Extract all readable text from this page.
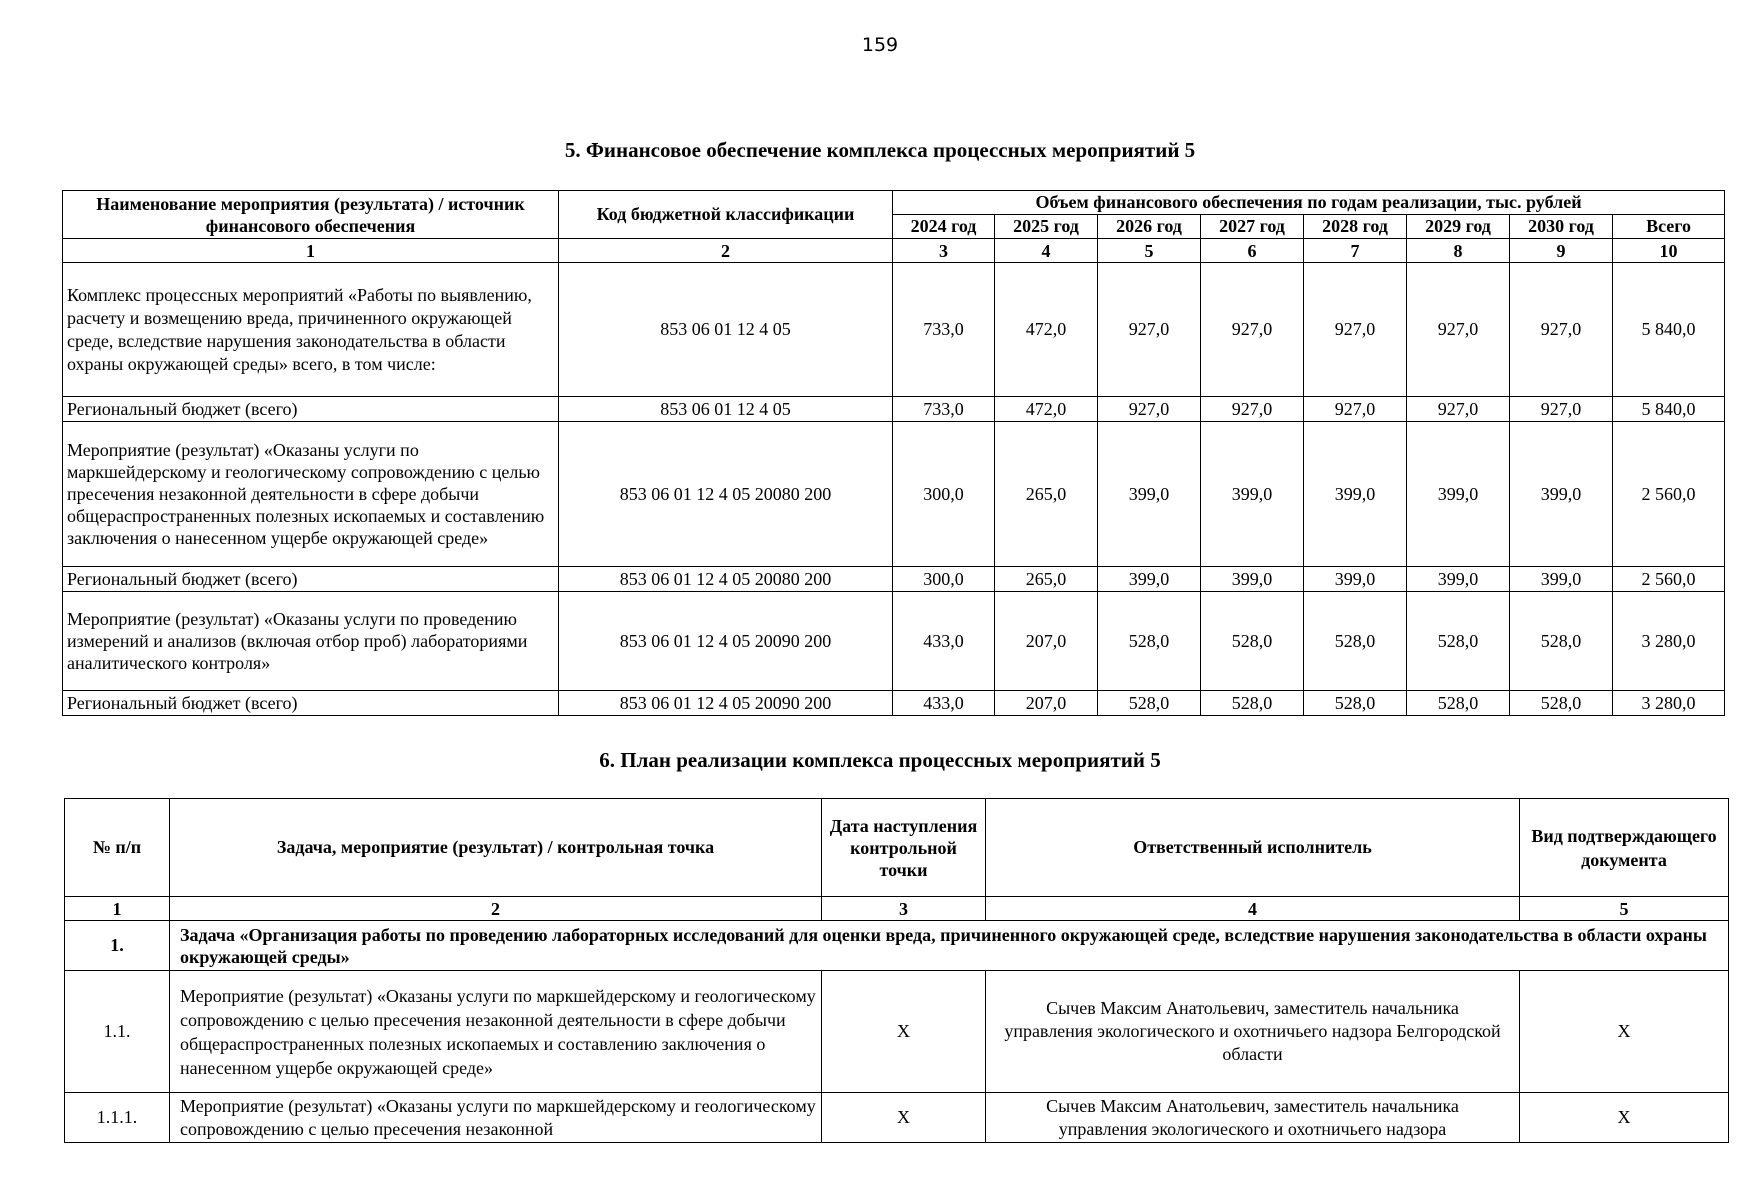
159
5. Финансовое обеспечение комплекса процессных мероприятий 5
Наименование мероприятия (результата) / источник финансового обеспечения	Код бюджетной классификации	Объем финансового обеспечения по годам реализации, тыс. рублей							
		2024 год	2025 год	2026 год	2027 год	2028 год	2029 год	2030 год	Всего
1	2	3	4	5	6	7	8	9	10
Комплекс процессных мероприятий «Работы по выявлению, расчету и возмещению вреда, причиненного окружающей среде, вследствие нарушения законодательства в области охраны окружающей среды» всего, в том числе:	853 06 01 12 4 05	733,0	472,0	927,0	927,0	927,0	927,0	927,0	5 840,0
Региональный бюджет (всего)	853 06 01 12 4 05	733,0	472,0	927,0	927,0	927,0	927,0	927,0	5 840,0
Мероприятие (результат) «Оказаны услуги по маркшейдерскому и геологическому сопровождению с целью пресечения незаконной деятельности в сфере добычи общераспространенных полезных ископаемых и составлению заключения о нанесенном ущербе окружающей среде»	853 06 01 12 4 05 20080 200	300,0	265,0	399,0	399,0	399,0	399,0	399,0	2 560,0
Региональный бюджет (всего)	853 06 01 12 4 05 20080 200	300,0	265,0	399,0	399,0	399,0	399,0	399,0	2 560,0
Мероприятие (результат) «Оказаны услуги по проведению измерений и анализов (включая отбор проб) лабораториями аналитического контроля»	853 06 01 12 4 05 20090 200	433,0	207,0	528,0	528,0	528,0	528,0	528,0	3 280,0
Региональный бюджет (всего)	853 06 01 12 4 05 20090 200	433,0	207,0	528,0	528,0	528,0	528,0	528,0	3 280,0
6. План реализации комплекса процессных мероприятий 5
№ п/п	Задача, мероприятие (результат) / контрольная точка	Дата наступления контрольной точки	Ответственный исполнитель	Вид подтверждающего документа
1	2	3	4	5
1.	Задача «Организация работы по проведению лабораторных исследований для оценки вреда, причиненного окружающей среде, вследствие нарушения законодательства в области охраны окружающей среды»			
1.1.	Мероприятие (результат) «Оказаны услуги по маркшейдерскому и геологическому сопровождению с целью пресечения незаконной деятельности в сфере добычи общераспространенных полезных ископаемых и составлению заключения о нанесенном ущербе окружающей среде»	X	Сычев Максим Анатольевич, заместитель начальника управления экологического и охотничьего надзора Белгородской области	X
1.1.1.	Мероприятие (результат) «Оказаны услуги по маркшейдерскому и геологическому сопровождению с целью пресечения незаконной	X	Сычев Максим Анатольевич, заместитель начальника управления экологического и охотничьего надзора	X
